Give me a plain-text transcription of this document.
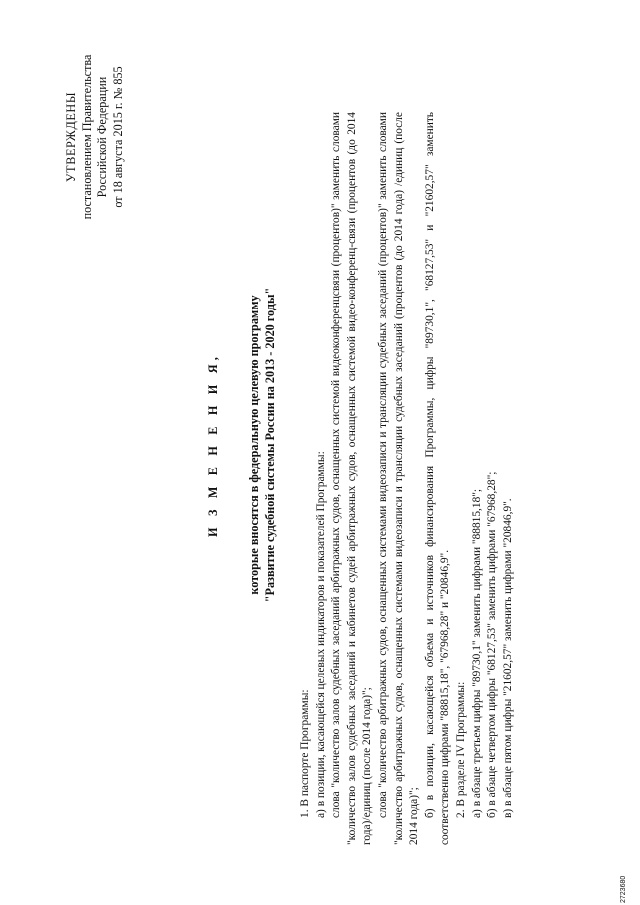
УТВЕРЖДЕНЫ постановлением Правительства Российской Федерации от 18 августа 2015 г. № 855
И З М Е Н Е Н И Я, которые вносятся в федеральную целевую программу "Развитие судебной системы России на 2013 - 2020 годы"

1. В паспорте Программы: а) в позиции, касающейся целевых индикаторов и показателей Программы: слова "количество залов судебных заседаний арбитражных судов, оснащенных системой видеоконференцсвязи (процентов)" заменить словами "количество залов судебных заседаний и кабинетов судей арбитражных судов, оснащенных системой видео-конференц-связи (процентов (до 2014 года)/единиц (после 2014 года)"; слова "количество арбитражных судов, оснащенных системами видеозаписи и трансляции судебных заседаний (процентов)" заменить словами "количество арбитражных судов, оснащенных системами видеозаписи и трансляции судебных заседаний (процентов (до 2014 года) /единиц (после 2014 года)"; б) в позиции, касающейся объема и источников финансирования Программы, цифры "89730,1", "68127,53" и "21602,57" заменить соответственно цифрами "88815,18", "67968,28" и "20846,9". 2. В разделе IV Программы: а) в абзаце третьем цифры "89730,1" заменить цифрами "88815,18"; б) в абзаце четвертом цифры "68127,53" заменить цифрами "67968,28"; в) в абзаце пятом цифры "21602,57" заменить цифрами "20846,9".

2723680
